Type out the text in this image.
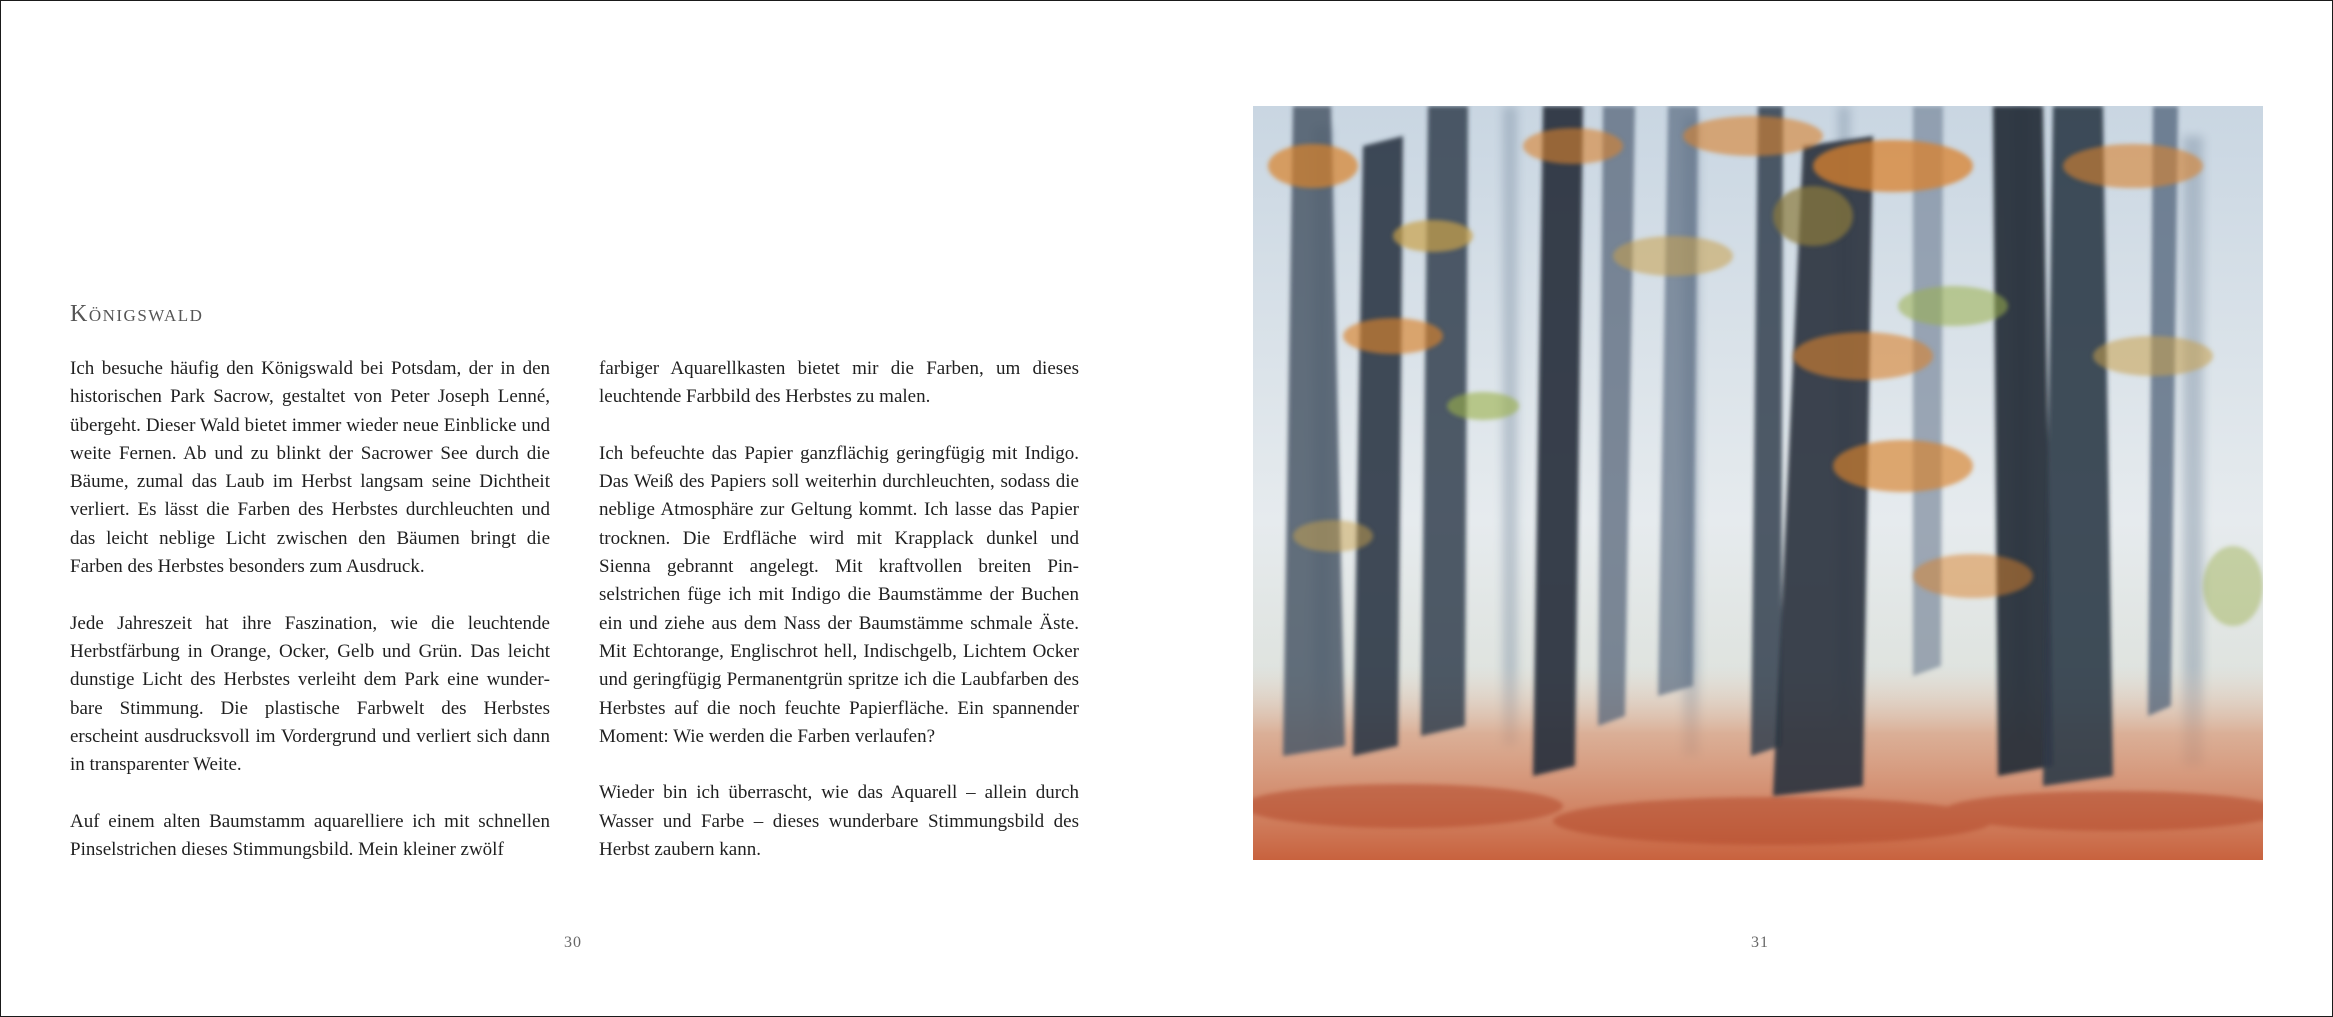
Königswald

Ich besuche häufig den Königswald bei Potsdam, der in den historischen Park Sacrow, gestaltet von Peter Joseph Lenné, übergeht. Dieser Wald bietet immer wieder neue Einblicke und weite Fernen. Ab und zu blinkt der Sacrower See durch die Bäume, zumal das Laub im Herbst langsam seine Dichtheit verliert. Es lässt die Farben des Herbstes durchleuchten und das leicht neblige Licht zwischen den Bäumen bringt die Farben des Herbstes besonders zum Ausdruck.

Jede Jahreszeit hat ihre Faszination, wie die leuchtende Herbstfärbung in Orange, Ocker, Gelb und Grün. Das leicht dunstige Licht des Herbstes verleiht dem Park eine wunderbare Stimmung. Die plastische Farbwelt des Herbstes erscheint ausdrucksvoll im Vordergrund und verliert sich dann in transparenter Weite.

Auf einem alten Baumstamm aquarelliere ich mit schnellen Pinselstrichen dieses Stimmungsbild. Mein kleiner zwölf

farbiger Aquarellkasten bietet mir die Farben, um dieses leuchtende Farbbild des Herbstes zu malen.

Ich befeuchte das Papier ganzflächig geringfügig mit Indigo. Das Weiß des Papiers soll weiterhin durchleuchten, sodass die neblige Atmosphäre zur Geltung kommt. Ich lasse das Papier trocknen. Die Erdfläche wird mit Krapplack dunkel und Sienna gebrannt angelegt. Mit kraftvollen breiten Pinselstrichen füge ich mit Indigo die Baumstämme der Buchen ein und ziehe aus dem Nass der Baumstämme schmale Äste. Mit Echtorange, Englischrot hell, Indischgelb, Lichtem Ocker und geringfügig Permanentgrün spritze ich die Laubfarben des Herbstes auf die noch feuchte Papierfläche. Ein spannender Moment: Wie werden die Farben verlaufen?

Wieder bin ich überrascht, wie das Aquarell – allein durch Wasser und Farbe – dieses wunderbare Stimmungsbild des Herbst zaubern kann.

30	31
